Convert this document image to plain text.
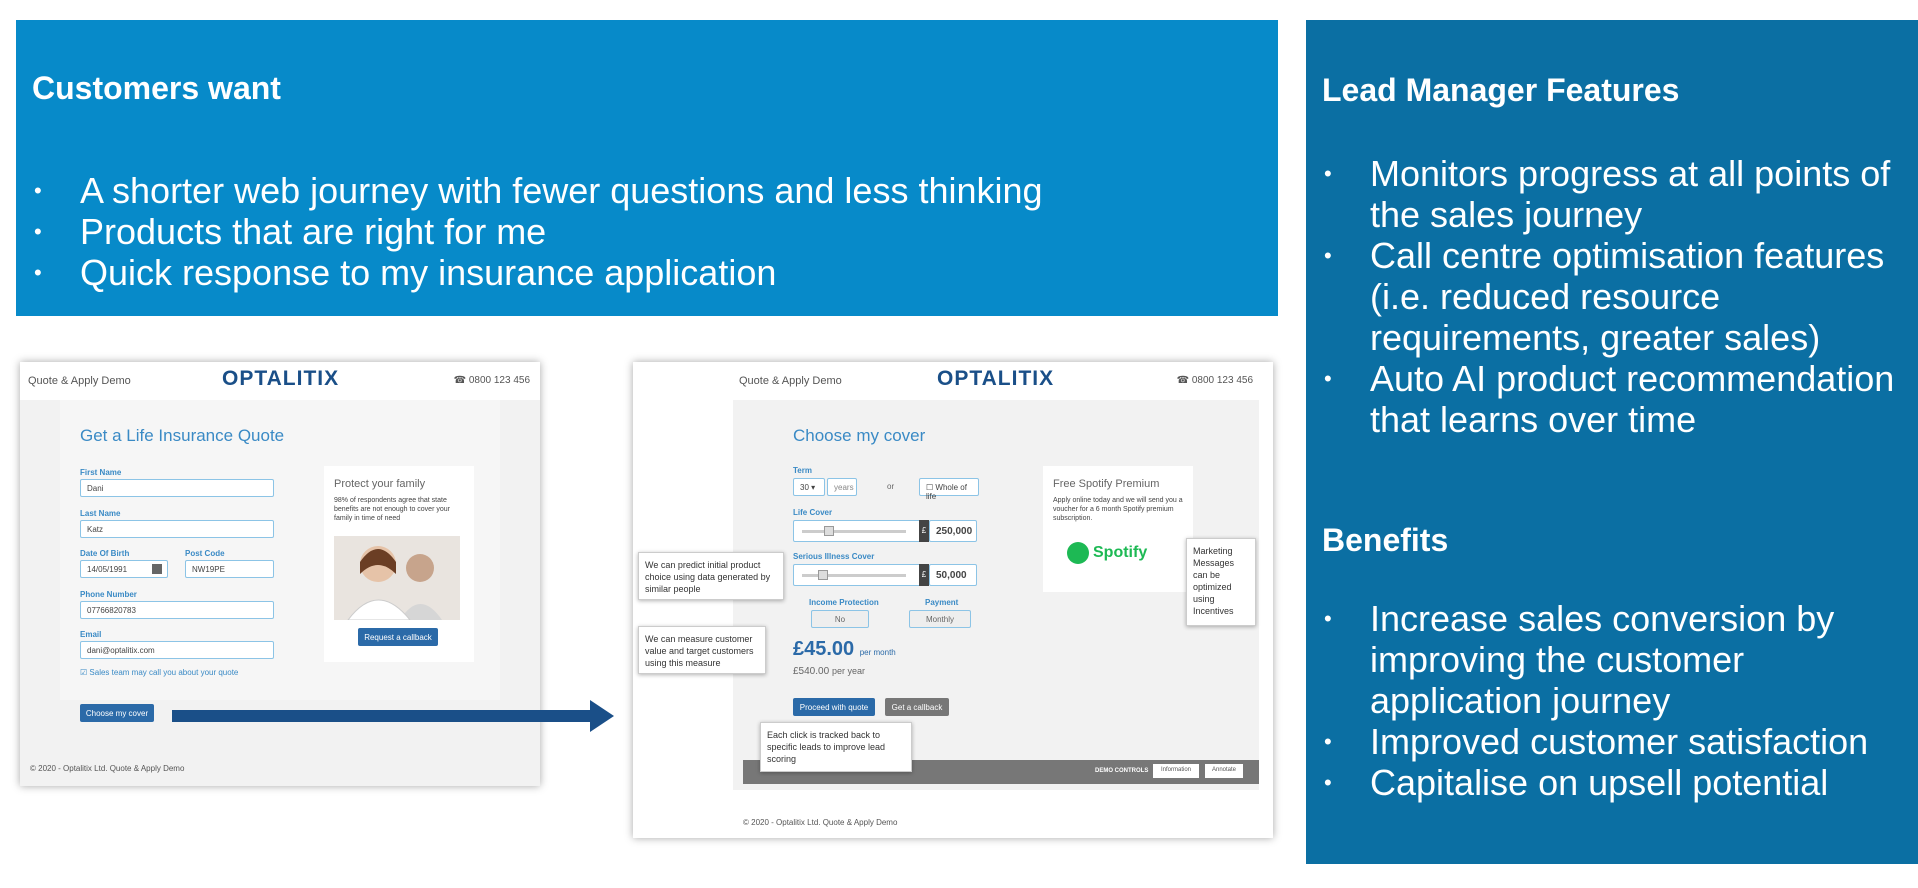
Customers want
• A shorter web journey with fewer questions and less thinking
• Products that are right for me
• Quick response to my insurance application
Lead Manager Features
• Monitors progress at all points of the sales journey
• Call centre optimisation features (i.e. reduced resource requirements, greater sales)
• Auto AI product recommendation that learns over time
Benefits
• Increase sales conversion by improving the customer application journey
• Improved customer satisfaction
• Capitalise on upsell potential
Quote & Apply Demo	OPTALITIX	☎ 0800 123 456
Get a Life Insurance Quote
First Name
Dani
Last Name
Katz
Date Of Birth
14/05/1991
Post Code
NW19PE
Phone Number
07766820783
Email
dani@optalitix.com
☑ Sales team may call you about your quote
Choose my cover
Protect your family
98% of respondents agree that state benefits are not enough to cover your family in time of need
Request a callback
© 2020 - Optalitix Ltd. Quote & Apply Demo
Quote & Apply Demo	OPTALITIX	☎ 0800 123 456
Choose my cover
Term
30 ▾	years	or	☐ Whole of life
Life Cover
£ 250,000
Serious Illness Cover
£ 50,000
Income Protection
No
Payment
Monthly
£45.00 per month
£540.00 per year
Proceed with quote	Get a callback
Free Spotify Premium
Apply online today and we will send you a voucher for a 6 month Spotify premium subscription.
Spotify
DEMO CONTROLS	Information	Annotate
© 2020 - Optalitix Ltd. Quote & Apply Demo
We can predict initial product choice using data generated by similar people
We can measure customer value and target customers using this measure
Each click is tracked back to specific leads to improve lead scoring
Marketing Messages can be optimized using Incentives
